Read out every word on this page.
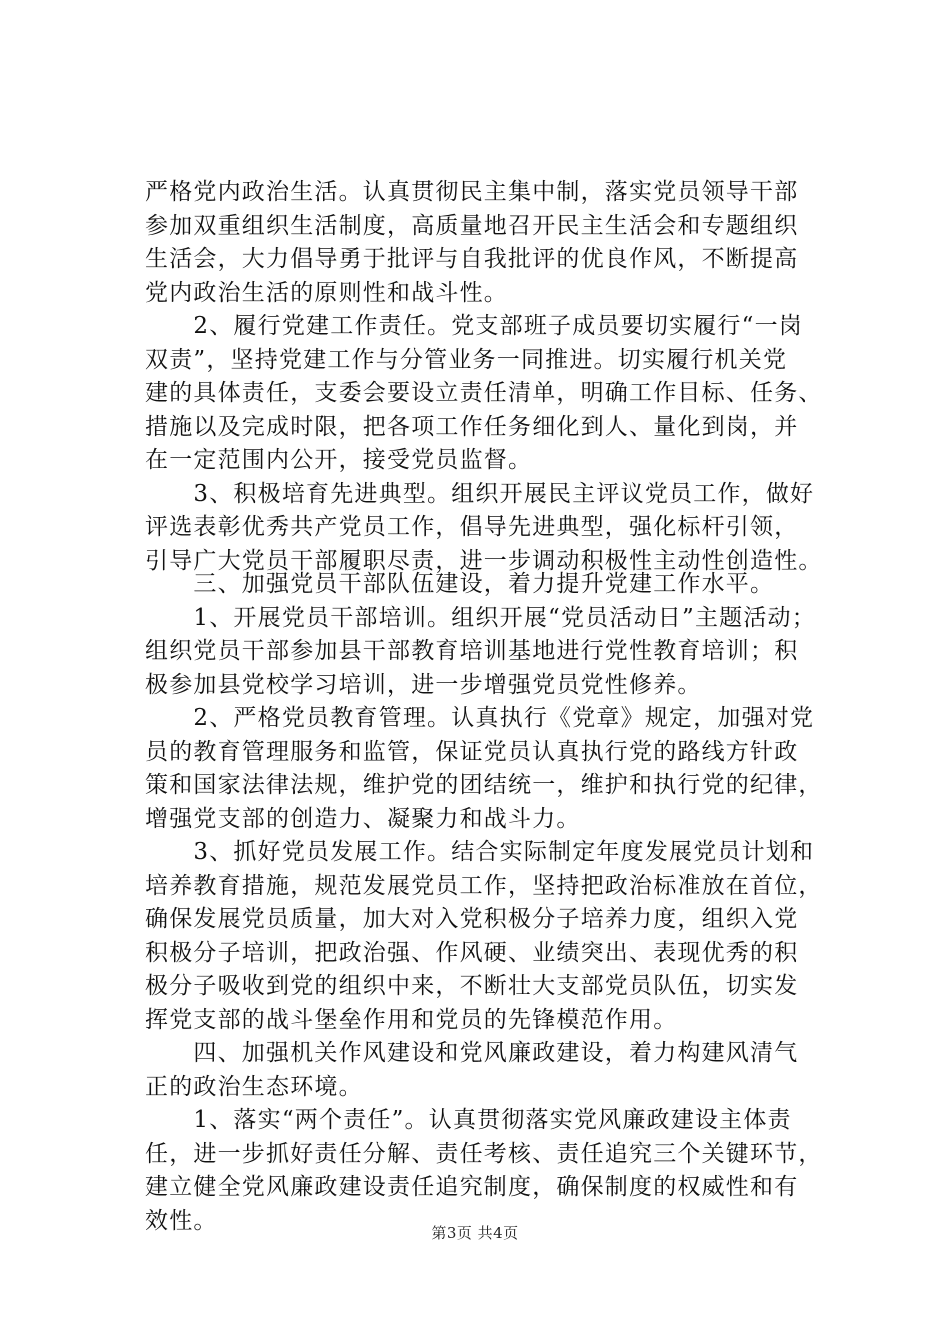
严格党内政治生活。认真贯彻民主集中制，落实党员领导干部
参加双重组织生活制度，高质量地召开民主生活会和专题组织
生活会，大力倡导勇于批评与自我批评的优良作风，不断提高
党内政治生活的原则性和战斗性。
　　2、履行党建工作责任。党支部班子成员要切实履行“一岗
双责”，坚持党建工作与分管业务一同推进。切实履行机关党
建的具体责任，支委会要设立责任清单，明确工作目标、任务、
措施以及完成时限，把各项工作任务细化到人、量化到岗，并
在一定范围内公开，接受党员监督。
　　3、积极培育先进典型。组织开展民主评议党员工作，做好
评选表彰优秀共产党员工作，倡导先进典型，强化标杆引领，
引导广大党员干部履职尽责，进一步调动积极性主动性创造性。
　　三、加强党员干部队伍建设，着力提升党建工作水平。
　　1、开展党员干部培训。组织开展“党员活动日”主题活动；
组织党员干部参加县干部教育培训基地进行党性教育培训；积
极参加县党校学习培训，进一步增强党员党性修养。
　　2、严格党员教育管理。认真执行《党章》规定，加强对党
员的教育管理服务和监管，保证党员认真执行党的路线方针政
策和国家法律法规，维护党的团结统一，维护和执行党的纪律，
增强党支部的创造力、凝聚力和战斗力。
　　3、抓好党员发展工作。结合实际制定年度发展党员计划和
培养教育措施，规范发展党员工作，坚持把政治标准放在首位，
确保发展党员质量，加大对入党积极分子培养力度，组织入党
积极分子培训，把政治强、作风硬、业绩突出、表现优秀的积
极分子吸收到党的组织中来，不断壮大支部党员队伍，切实发
挥党支部的战斗堡垒作用和党员的先锋模范作用。
　　四、加强机关作风建设和党风廉政建设，着力构建风清气
正的政治生态环境。
　　1、落实“两个责任”。认真贯彻落实党风廉政建设主体责
任，进一步抓好责任分解、责任考核、责任追究三个关键环节，
建立健全党风廉政建设责任追究制度，确保制度的权威性和有
效性。	第3页 共4页
